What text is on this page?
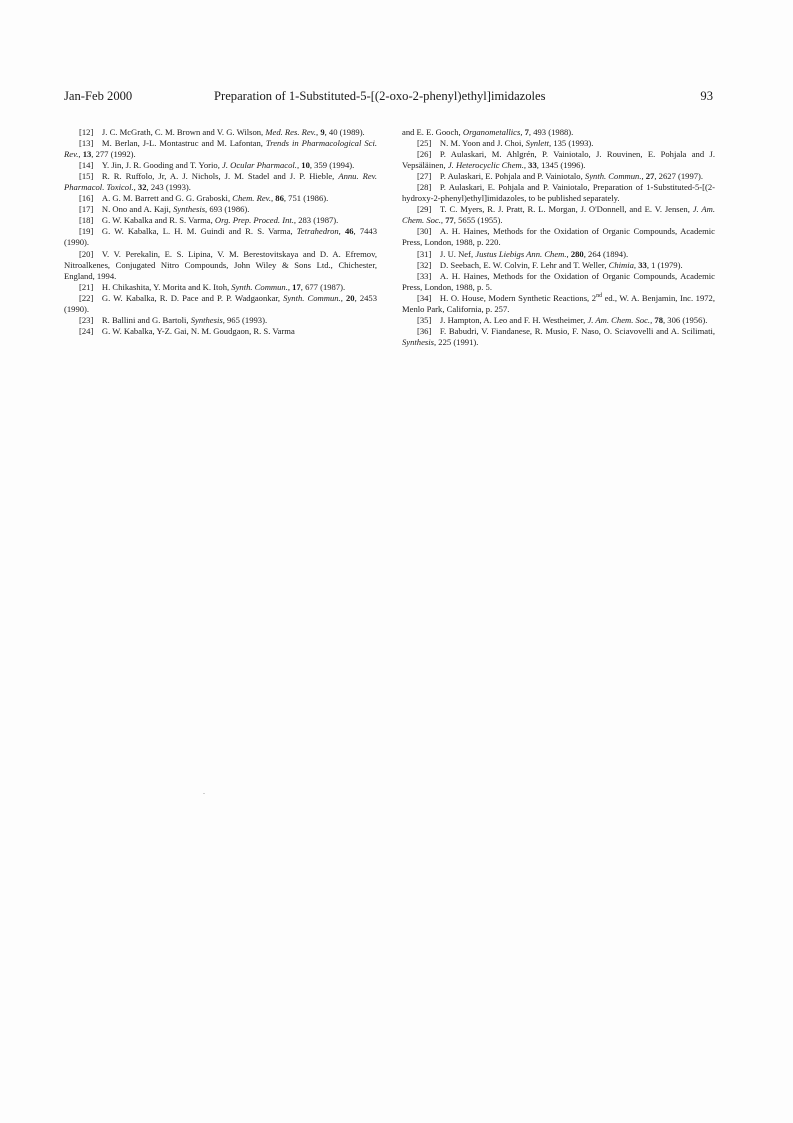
Jan-Feb 2000	Preparation of 1-Substituted-5-[(2-oxo-2-phenyl)ethyl]imidazoles	93

[12]  J. C. McGrath, C. M. Brown and V. G. Wilson, Med. Res. Rev., 9, 40 (1989).

[13]  M. Berlan, J-L. Montastruc and M. Lafontan, Trends in Pharmacological Sci. Rev., 13, 277 (1992).

[14]  Y. Jin, J. R. Gooding and T. Yorio, J. Ocular Pharmacol., 10, 359 (1994).

[15]  R. R. Ruffolo, Jr, A. J. Nichols, J. M. Stadel and J. P. Hieble, Annu. Rev. Pharmacol. Toxicol., 32, 243 (1993).

[16]  A. G. M. Barrett and G. G. Graboski, Chem. Rev., 86, 751 (1986).

[17]  N. Ono and A. Kaji, Synthesis, 693 (1986).

[18]  G. W. Kabalka and R. S. Varma, Org. Prep. Proced. Int., 283 (1987).

[19]  G. W. Kabalka, L. H. M. Guindi and R. S. Varma, Tetrahedron, 46, 7443 (1990).

[20]  V. V. Perekalin, E. S. Lipina, V. M. Berestovitskaya and D. A. Efremov, Nitroalkenes, Conjugated Nitro Compounds, John Wiley & Sons Ltd., Chichester, England, 1994.

[21]  H. Chikashita, Y. Morita and K. Itoh, Synth. Commun., 17, 677 (1987).

[22]  G. W. Kabalka, R. D. Pace and P. P. Wadgaonkar, Synth. Commun., 20, 2453 (1990).

[23]  R. Ballini and G. Bartoli, Synthesis, 965 (1993).

[24]  G. W. Kabalka, Y-Z. Gai, N. M. Goudgaon, R. S. Varma

and E. E. Gooch, Organometallics, 7, 493 (1988).

[25]  N. M. Yoon and J. Choi, Synlett, 135 (1993).

[26]  P. Aulaskari, M. Ahlgrén, P. Vainiotalo, J. Rouvinen, E. Pohjala and J. Vepsäläinen, J. Heterocyclic Chem., 33, 1345 (1996).

[27]  P. Aulaskari, E. Pohjala and P. Vainiotalo, Synth. Commun., 27, 2627 (1997).

[28]  P. Aulaskari, E. Pohjala and P. Vainiotalo, Preparation of 1-Substituted-5-[(2-hydroxy-2-phenyl)ethyl]imidazoles, to be published separately.

[29]  T. C. Myers, R. J. Pratt, R. L. Morgan, J. O'Donnell, and E. V. Jensen, J. Am. Chem. Soc., 77, 5655 (1955).

[30]  A. H. Haines, Methods for the Oxidation of Organic Compounds, Academic Press, London, 1988, p. 220.

[31]  J. U. Nef, Justus Liebigs Ann. Chem., 280, 264 (1894).

[32]  D. Seebach, E. W. Colvin, F. Lehr and T. Weller, Chimia, 33, 1 (1979).

[33]  A. H. Haines, Methods for the Oxidation of Organic Compounds, Academic Press, London, 1988, p. 5.

[34]  H. O. House, Modern Synthetic Reactions, 2nd ed., W. A. Benjamin, Inc. 1972, Menlo Park, California, p. 257.

[35]  J. Hampton, A. Leo and F. H. Westheimer, J. Am. Chem. Soc., 78, 306 (1956).

[36]  F. Babudri, V. Fiandanese, R. Musio, F. Naso, O. Sciavovelli and A. Scilimati, Synthesis, 225 (1991).
